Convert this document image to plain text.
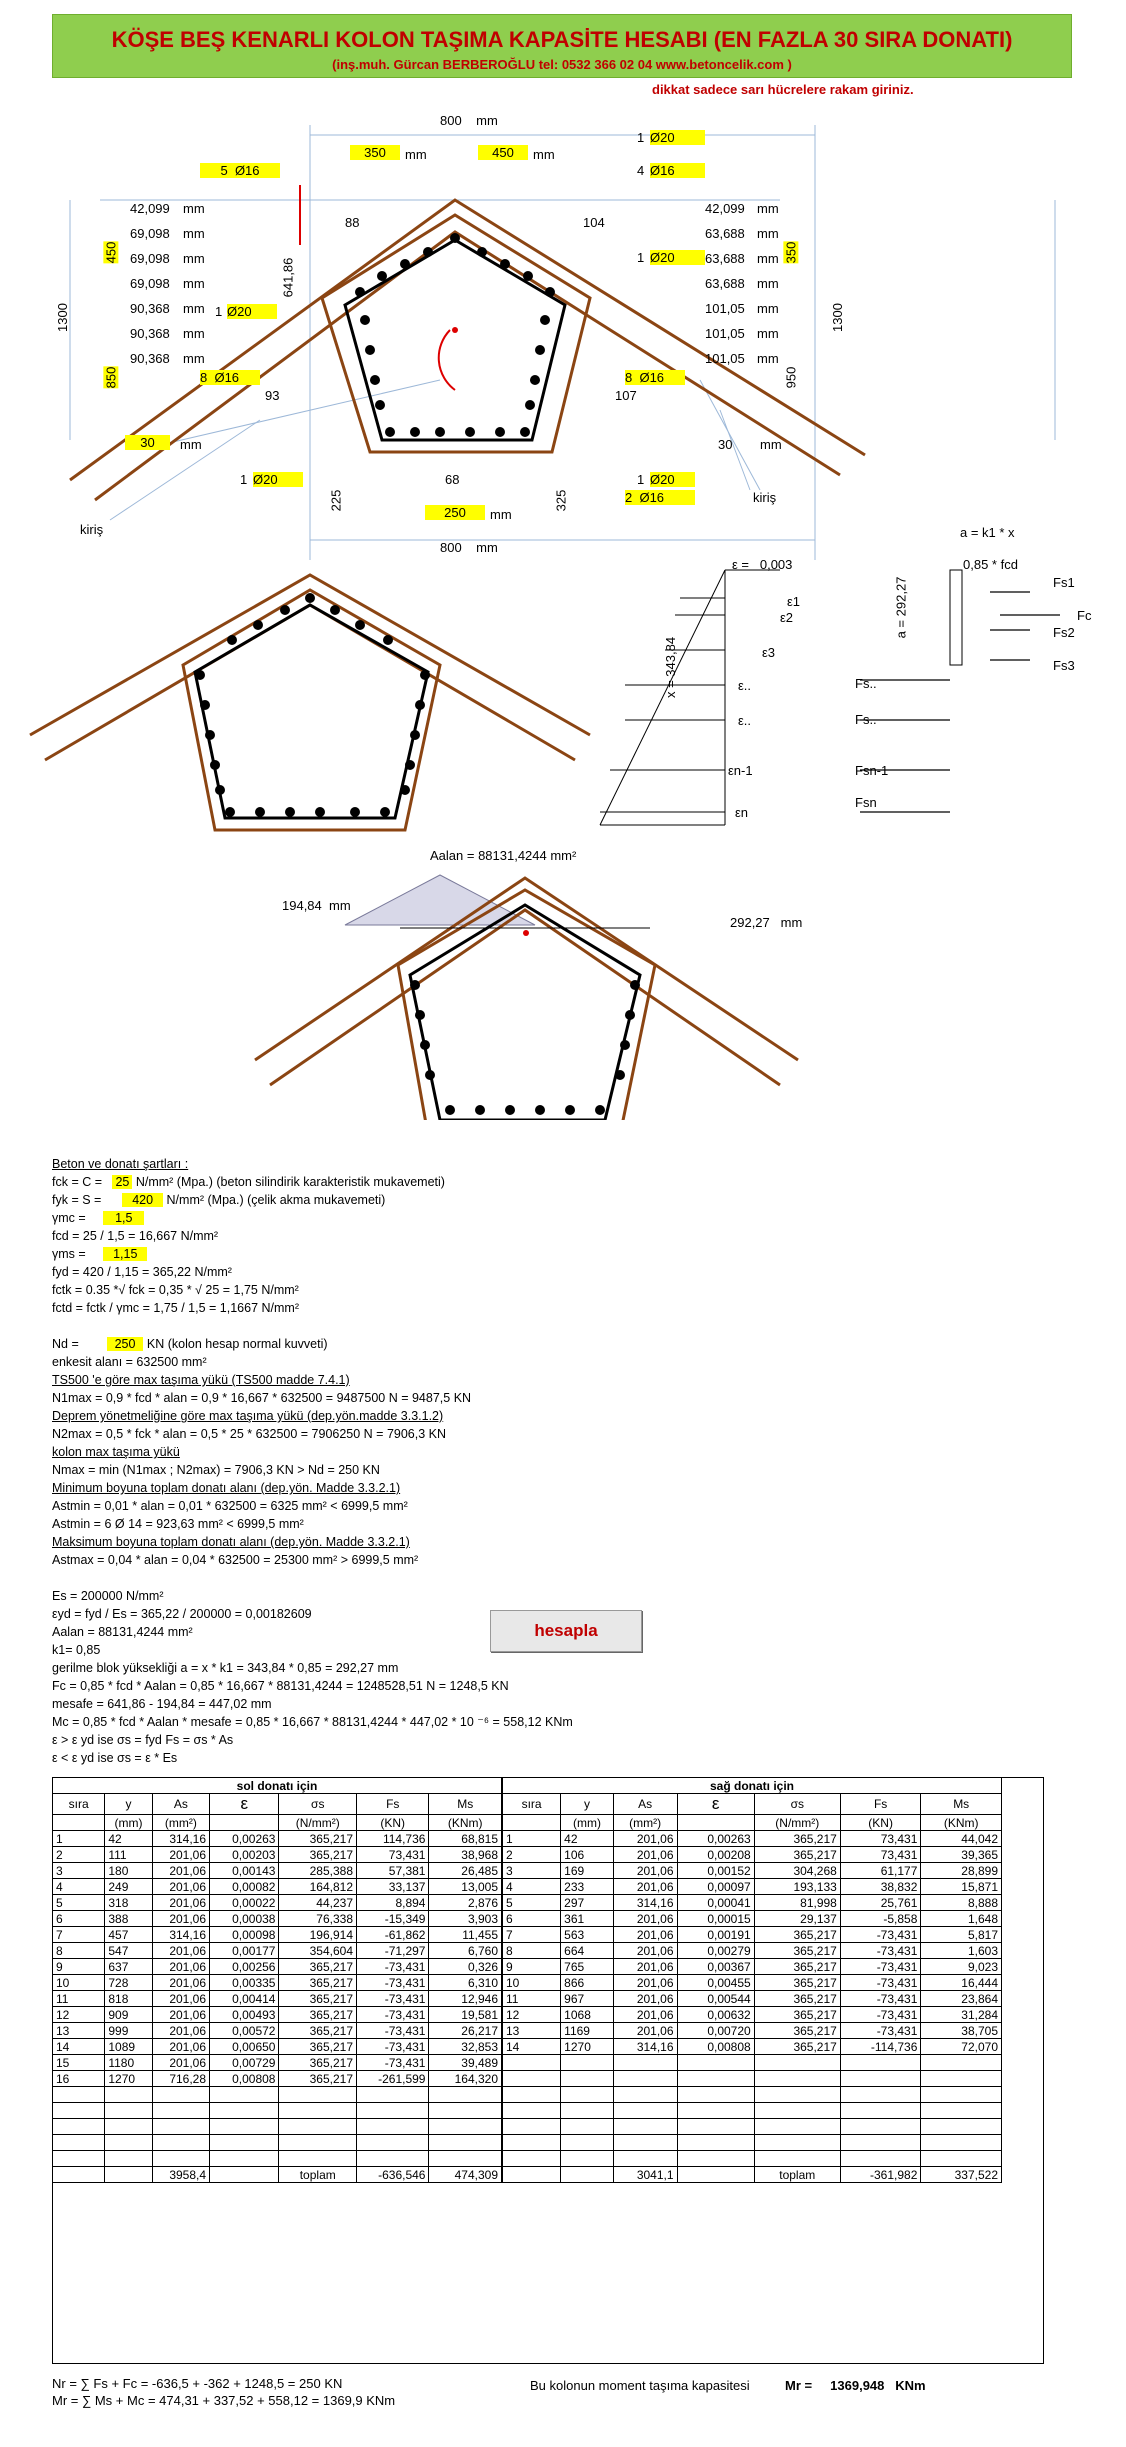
KÖŞE BEŞ KENARLI KOLON TAŞIMA KAPASİTE HESABI (EN FAZLA 30 SIRA DONATI)
(inş.muh. Gürcan BERBEROĞLU tel: 0532 366 02 04 www.betoncelik.com )
dikkat sadece sarı hücrelere rakam giriniz.
800 mm
350	mm	450	mm
5 Ø16
1 Ø20
4 Ø16
1 Ø20
1 Ø20
8 Ø16	8 Ø16
1 Ø20	1 Ø20
2 Ø16
42,099
69,098
69,098
69,098
90,368
90,368
90,368
mm
mm
mm
mm
mm
mm
mm
42,099
63,688
63,688
63,688
101,05
101,05
101,05
mm
mm
mm
mm
mm
mm
mm
1300	1300
450
850
350
950
30	mm	30 mm
88	104
641,86
93	107
68
225	325
250	mm
800 mm
kiriş
kiriş
a = k1 * x
ε =   0,003	0,85 * fcd
x = 343,84
a = 292,27
ε1
ε2
ε3
ε..
ε..
εn-1
εn
Fs1
Fc
Fs2
Fs3
Fs..
Fs..
Fsn-1
Fsn
Aalan = 88131,4244 mm²
194,84 mm
292,27 mm
Beton ve donatı şartları :
fck = C = 25 N/mm² (Mpa.) (beton silindirik karakteristik mukavemeti)
fyk = S = 420 N/mm² (Mpa.) (çelik akma mukavemeti)
γmc = 1,5
fcd = 25 / 1,5 = 16,667 N/mm²
γms = 1,15
fyd = 420 / 1,15 = 365,22 N/mm²
fctk = 0.35 *√ fck = 0,35 * √ 25 = 1,75 N/mm²
fctd = fctk / γmc = 1,75 / 1,5 = 1,1667 N/mm²
Nd =	250 KN (kolon hesap normal kuvveti)
enkesit alanı = 632500 mm²
TS500 'e göre max taşıma yükü (TS500 madde 7.4.1)
N1max = 0,9 * fcd * alan = 0,9 * 16,667 * 632500 = 9487500 N = 9487,5 KN
Deprem yönetmeliğine göre max taşıma yükü (dep.yön.madde 3.3.1.2)
N2max = 0,5 * fck * alan = 0,5 * 25 * 632500 = 7906250 N = 7906,3 KN
kolon max taşıma yükü
Nmax = min (N1max ; N2max) = 7906,3 KN > Nd = 250 KN
Minimum boyuna toplam donatı alanı (dep.yön. Madde 3.3.2.1)
Astmin = 0,01 * alan = 0,01 * 632500 = 6325 mm² < 6999,5 mm²
Astmin = 6 Ø 14 = 923,63 mm² < 6999,5 mm²
Maksimum boyuna toplam donatı alanı (dep.yön. Madde 3.3.2.1)
Astmax = 0,04 * alan = 0,04 * 632500 = 25300 mm² > 6999,5 mm²
Es = 200000 N/mm²
εyd = fyd / Es = 365,22 / 200000 = 0,00182609
Aalan = 88131,4244 mm²
k1= 0,85
gerilme blok yüksekliği a = x * k1 = 343,84 * 0,85 = 292,27 mm
Fc = 0,85 * fcd * Aalan = 0,85 * 16,667 * 88131,4244 = 1248528,51 N = 1248,5 KN
mesafe = 641,86 - 194,84 = 447,02 mm
Mc = 0,85 * fcd * Aalan * mesafe = 0,85 * 16,667 * 88131,4244 * 447,02 * 10 ⁻⁶ = 558,12 KNm
ε > ε yd ise σs = fyd Fs = σs * As
ε < ε yd ise σs = ε * Es
hesapla
sol donatı için						
sıra	y	As	ε	σs	Fs	Ms
	(mm)	(mm²)		(N/mm²)	(KN)	(KNm)
1	42	314,16	0,00263	365,217	114,736	68,815
2	111	201,06	0,00203	365,217	73,431	38,968
3	180	201,06	0,00143	285,388	57,381	26,485
4	249	201,06	0,00082	164,812	33,137	13,005
5	318	201,06	0,00022	44,237	8,894	2,876
6	388	201,06	0,00038	76,338	-15,349	3,903
7	457	314,16	0,00098	196,914	-61,862	11,455
8	547	201,06	0,00177	354,604	-71,297	6,760
9	637	201,06	0,00256	365,217	-73,431	0,326
10	728	201,06	0,00335	365,217	-73,431	6,310
11	818	201,06	0,00414	365,217	-73,431	12,946
12	909	201,06	0,00493	365,217	-73,431	19,581
13	999	201,06	0,00572	365,217	-73,431	26,217
14	1089	201,06	0,00650	365,217	-73,431	32,853
15	1180	201,06	0,00729	365,217	-73,431	39,489
16	1270	716,28	0,00808	365,217	-261,599	164,320

		3958,4		toplam	-636,546	474,309
sağ donatı için						
sıra	y	As	ε	σs	Fs	Ms
	(mm)	(mm²)		(N/mm²)	(KN)	(KNm)
1	42	201,06	0,00263	365,217	73,431	44,042
2	106	201,06	0,00208	365,217	73,431	39,365
3	169	201,06	0,00152	304,268	61,177	28,899
4	233	201,06	0,00097	193,133	38,832	15,871
5	297	314,16	0,00041	81,998	25,761	8,888
6	361	201,06	0,00015	29,137	-5,858	1,648
7	563	201,06	0,00191	365,217	-73,431	5,817
8	664	201,06	0,00279	365,217	-73,431	1,603
9	765	201,06	0,00367	365,217	-73,431	9,023
10	866	201,06	0,00455	365,217	-73,431	16,444
11	967	201,06	0,00544	365,217	-73,431	23,864
12	1068	201,06	0,00632	365,217	-73,431	31,284
13	1169	201,06	0,00720	365,217	-73,431	38,705
14	1270	314,16	0,00808	365,217	-114,736	72,070

		3041,1		toplam	-361,982	337,522
Nr = ∑ Fs + Fc = -636,5 + -362 + 1248,5 = 250 KN
Mr = ∑ Ms + Mc = 474,31 + 337,52 + 558,12 = 1369,9 KNm
Bu kolonun moment taşıma kapasitesi	Mr = 1369,948 KNm
